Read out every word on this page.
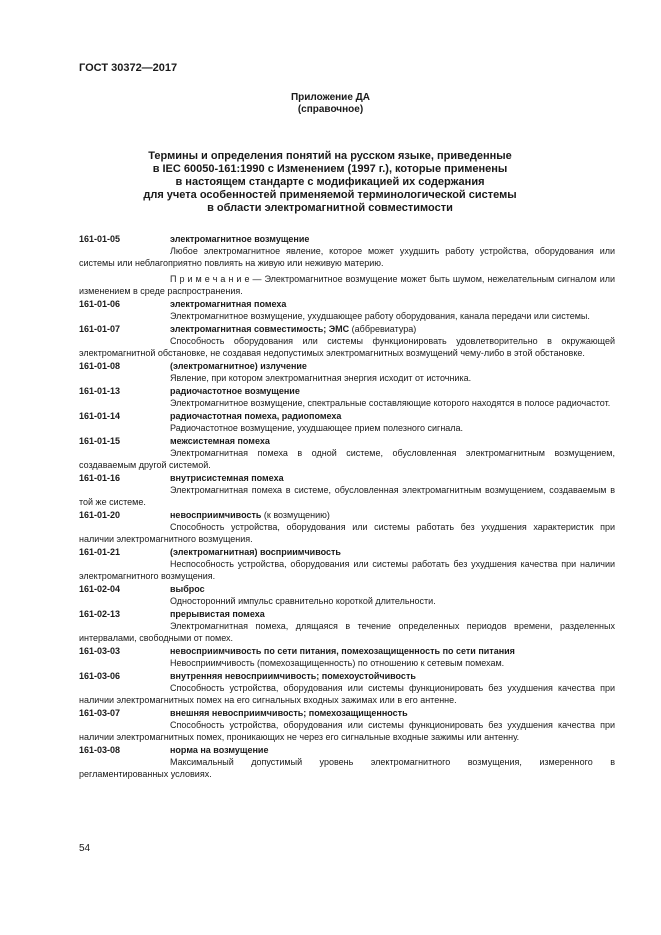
ГОСТ 30372—2017
Приложение ДА
(справочное)
Термины и определения понятий на русском языке, приведенные
в IEC 60050-161:1990 с Изменением (1997 г.), которые применены
в настоящем стандарте с модификацией их содержания
для учета особенностей применяемой терминологической системы
в области электромагнитной совместимости
161-01-05	электромагнитное возмущение
Любое электромагнитное явление, которое может ухудшить работу устройства, оборудования или системы или неблагоприятно повлиять на живую или неживую материю.
П р и м е ч а н и е — Электромагнитное возмущение может быть шумом, нежелательным сигналом или изменением в среде распространения.
161-01-06	электромагнитная помеха
Электромагнитное возмущение, ухудшающее работу оборудования, канала передачи или системы.
161-01-07	электромагнитная совместимость; ЭМС (аббревиатура)
Способность оборудования или системы функционировать удовлетворительно в окружающей электромагнитной обстановке, не создавая недопустимых электромагнитных возмущений чему-либо в этой обстановке.
161-01-08	(электромагнитное) излучение
Явление, при котором электромагнитная энергия исходит от источника.
161-01-13	радиочастотное возмущение
Электромагнитное возмущение, спектральные составляющие которого находятся в полосе радиочастот.
161-01-14	радиочастотная помеха, радиопомеха
Радиочастотное возмущение, ухудшающее прием полезного сигнала.
161-01-15	межсистемная помеха
Электромагнитная помеха в одной системе, обусловленная электромагнитным возмущением, создаваемым другой системой.
161-01-16	внутрисистемная помеха
Электромагнитная помеха в системе, обусловленная электромагнитным возмущением, создаваемым в той же системе.
161-01-20	невосприимчивость (к возмущению)
Способность устройства, оборудования или системы работать без ухудшения характеристик при наличии электромагнитного возмущения.
161-01-21	(электромагнитная) восприимчивость
Неспособность устройства, оборудования или системы работать без ухудшения качества при наличии электромагнитного возмущения.
161-02-04	выброс
Односторонний импульс сравнительно короткой длительности.
161-02-13	прерывистая помеха
Электромагнитная помеха, длящаяся в течение определенных периодов времени, разделенных интервалами, свободными от помех.
161-03-03	невосприимчивость по сети питания, помехозащищенность по сети питания
Невосприимчивость (помехозащищенность) по отношению к сетевым помехам.
161-03-06	внутренняя невосприимчивость; помехоустойчивость
Способность устройства, оборудования или системы функционировать без ухудшения качества при наличии электромагнитных помех на его сигнальных входных зажимах или в его антенне.
161-03-07	внешняя невосприимчивость; помехозащищенность
Способность устройства, оборудования или системы функционировать без ухудшения качества при наличии электромагнитных помех, проникающих не через его сигнальные входные зажимы или антенну.
161-03-08	норма на возмущение
Максимальный допустимый уровень электромагнитного возмущения, измеренного в регламентированных условиях.
54
